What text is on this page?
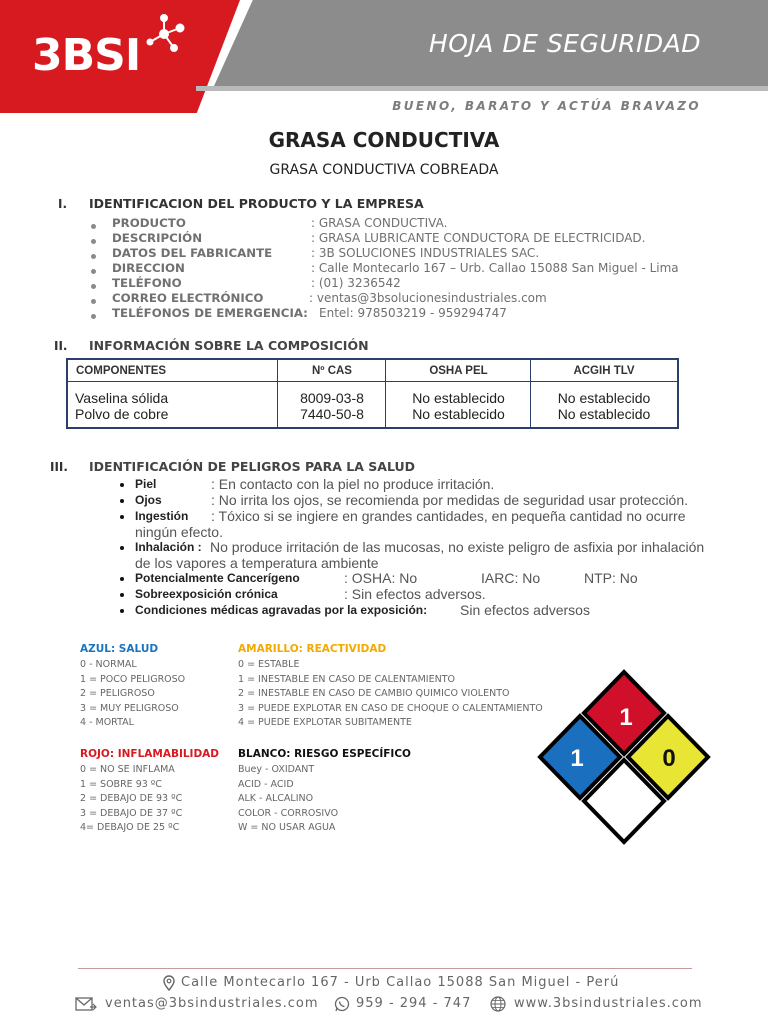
3BSI	HOJA DE SEGURIDAD
BUENO, BARATO Y ACTÚA BRAVAZO
GRASA CONDUCTIVA
GRASA CONDUCTIVA COBREADA
I. IDENTIFICACION DEL PRODUCTO Y LA EMPRESA
PRODUCTO	: GRASA CONDUCTIVA.
DESCRIPCIÓN	: GRASA LUBRICANTE CONDUCTORA DE ELECTRICIDAD.
DATOS DEL FABRICANTE	: 3B SOLUCIONES INDUSTRIALES SAC.
DIRECCION	: Calle Montecarlo 167 – Urb. Callao 15088 San Miguel - Lima
TELÉFONO	: (01) 3236542
CORREO ELECTRÓNICO	: ventas@3bsolucionesindustriales.com
TELÉFONOS DE EMERGENCIA: Entel: 978503219 - 959294747
II. INFORMACIÓN SOBRE LA COMPOSICIÓN
COMPONENTES	Nº CAS	OSHA PEL	ACGIH TLV
Vaselina sólida	8009-03-8	No establecido	No establecido
Polvo de cobre	7440-50-8	No establecido	No establecido
III. IDENTIFICACIÓN DE PELIGROS PARA LA SALUD
Piel	: En contacto con la piel no produce irritación.
Ojos	: No irrita los ojos, se recomienda por medidas de seguridad usar protección.
Ingestión : Tóxico si se ingiere en grandes cantidades, en pequeña cantidad no ocurre
ningún efecto.
Inhalación : No produce irritación de las mucosas, no existe peligro de asfixia por inhalación
de los vapores a temperatura ambiente
Potencialmente Cancerígeno	: OSHA: No	IARC: No	NTP: No
Sobreexposición crónica	: Sin efectos adversos.
Condiciones médicas agravadas por la exposición: Sin efectos adversos
AZUL: SALUD
0 - NORMAL
1 = POCO PELIGROSO
2 = PELIGROSO
3 = MUY PELIGROSO
4 - MORTAL
AMARILLO: REACTIVIDAD
0 = ESTABLE
1 = INESTABLE EN CASO DE CALENTAMIENTO
2 = INESTABLE EN CASO DE CAMBIO QUIMICO VIOLENTO
3 = PUEDE EXPLOTAR EN CASO DE CHOQUE O CALENTAMIENTO
4 = PUEDE EXPLOTAR SUBITAMENTE
ROJO: INFLAMABILIDAD
0 = NO SE INFLAMA
1 = SOBRE 93 ºC
2 = DEBAJO DE 93 ºC
3 = DEBAJO DE 37 ºC
4= DEBAJO DE 25 ºC
BLANCO: RIESGO ESPECÍFICO
Buey - OXIDANT
ACID - ACID
ALK - ALCALINO
COLOR - CORROSIVO
W = NO USAR AGUA
1
1	0
Calle Montecarlo 167 - Urb Callao 15088 San Miguel - Perú
ventas@3bsindustriales.com	959 - 294 - 747	www.3bsindustriales.com
